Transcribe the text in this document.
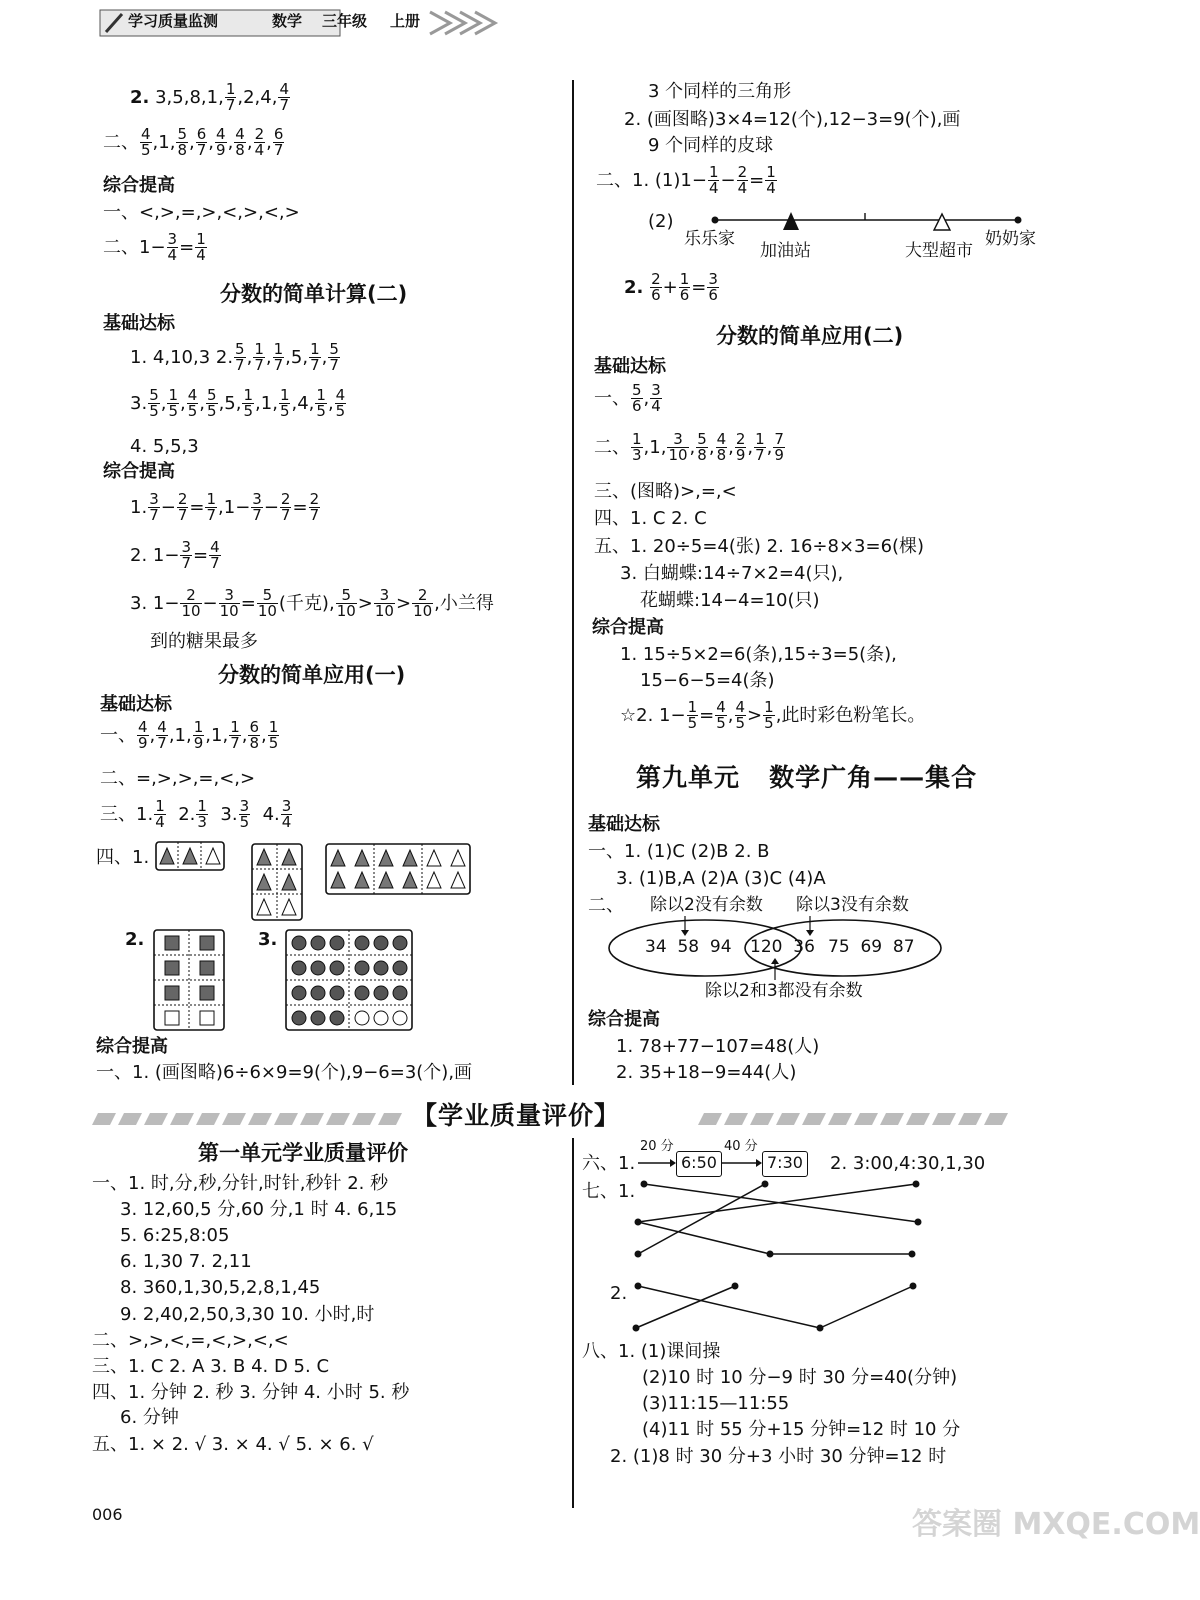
学习质量监测	数学 三年级 上册
2. 3,5,8,1, $\frac{1}{7} ,2,4$, $\frac{4}{7}$
二、 $\frac{4}{5} ,1$, $\frac{5}{8}$ , $\frac{6}{7}$ , $\frac{4}{9}$ , $\frac{4}{8}$ , $\frac{2}{4}$ , $\frac{6}{7}$
综合提高
一、<,>,=,>,<,>,<,>
二、$1- \frac{3}{4} = \frac{1}{4}$
分数的简单计算(二)
基础达标
1. 4,10,3 2. $\frac{5}{7}$ , $\frac{1}{7}$ , $\frac{1}{7} ,5$, $\frac{1}{7}$ , $\frac{5}{7}$
3. $\frac{5}{5}$ , $\frac{1}{5}$ , $\frac{4}{5}$ , $\frac{5}{5} ,5$, $\frac{1}{5} ,1$, $\frac{1}{5} ,4$, $\frac{1}{5}$ , $\frac{4}{5}$
4. 5,5,3
综合提高
1. $\frac{3}{7} - \frac{2}{7} = \frac{1}{7} ,1- \frac{3}{7} - \frac{2}{7} = \frac{2}{7}$
2. $1- \frac{3}{7} = \frac{4}{7}$
3. $1- \frac{2}{10} - \frac{3}{10} = \frac{5}{10}$ (千克), $\frac{5}{10} > \frac{3}{10} > \frac{2}{10}$ ,小兰得
到的糖果最多
分数的简单应用(一)
基础达标
一、 $\frac{4}{9}$ , $\frac{4}{7} ,1$, $\frac{1}{9} ,1$, $\frac{1}{7}$ , $\frac{6}{8}$ , $\frac{1}{5}$
二、=,>,>,=,<,>
三、1. $\frac{1}{4} 2$. $\frac{1}{3} 3$. $\frac{3}{5} 4$. $\frac{3}{4}$
四、1.
2.	3.
综合提高
一、1. (画图略)6÷6×9=9(个),9−6=3(个),画
3 个同样的三角形
2. (画图略)3×4=12(个),12−3=9(个),画
9 个同样的皮球
二、1. $(1)1- \frac{1}{4} - \frac{2}{4} = \frac{1}{4}$
(2)
乐乐家
加油站	大型超市
奶奶家
2. $\frac{2}{6} + \frac{1}{6} = \frac{3}{6}$
分数的简单应用(二)
基础达标
一、 $\frac{5}{6}$ , $\frac{3}{4}$
二、 $\frac{1}{3} ,1$, $\frac{3}{10}$ , $\frac{5}{8}$ , $\frac{4}{8}$ , $\frac{2}{9}$ , $\frac{1}{7}$ , $\frac{7}{9}$
三、(图略)>,=,<
四、1. C 2. C
五、1. 20÷5=4(张) 2. 16÷8×3=6(棵)
3. 白蝴蝶:14÷7×2=4(只),
花蝴蝶:14−4=10(只)
综合提高
1. 15÷5×2=6(条),15÷3=5(条),
15−6−5=4(条)
☆2. $1- \frac{1}{5} = \frac{4}{5}$ , $\frac{4}{5} > \frac{1}{5}$ ,此时彩色粉笔长。
第九单元   数学广角——集合
基础达标
一、1. (1)C (2)B 2. B
3. (1)B,A (2)A (3)C (4)A
二、 除以2没有余数 除以3没有余数
34 58 94 120 36 75 69 87
除以2和3都没有余数
综合提高
1. 78+77−107=48(人)
2. 35+18−9=44(人)
【学业质量评价】
第一单元学业质量评价
一、1. 时,分,秒,分针,时针,秒针 2. 秒
3. 12,60,5 分,60 分,1 时 4. 6,15
5. 6:25,8:05
6. 1,30 7. 2,11
8. 360,1,30,5,2,8,1,45
9. 2,40,2,50,3,30 10. 小时,时
二、>,>,<,=,<,>,<,<
三、1. C 2. A 3. B 4. D 5. C
四、1. 分钟 2. 秒 3. 分钟 4. 小时 5. 秒
6. 分钟
五、1. × 2. √ 3. × 4. √ 5. × 6. √
六、1.
20 分
6:50
40 分
7:30 2. 3:00,4:30,1,30
七、1.
2.
八、1. (1)课间操
(2)10 时 10 分−9 时 30 分=40(分钟)
(3)11:15—11:55
(4)11 时 55 分+15 分钟=12 时 10 分
2. (1)8 时 30 分+3 小时 30 分钟=12 时
006	答案圈 MXQE.COM
